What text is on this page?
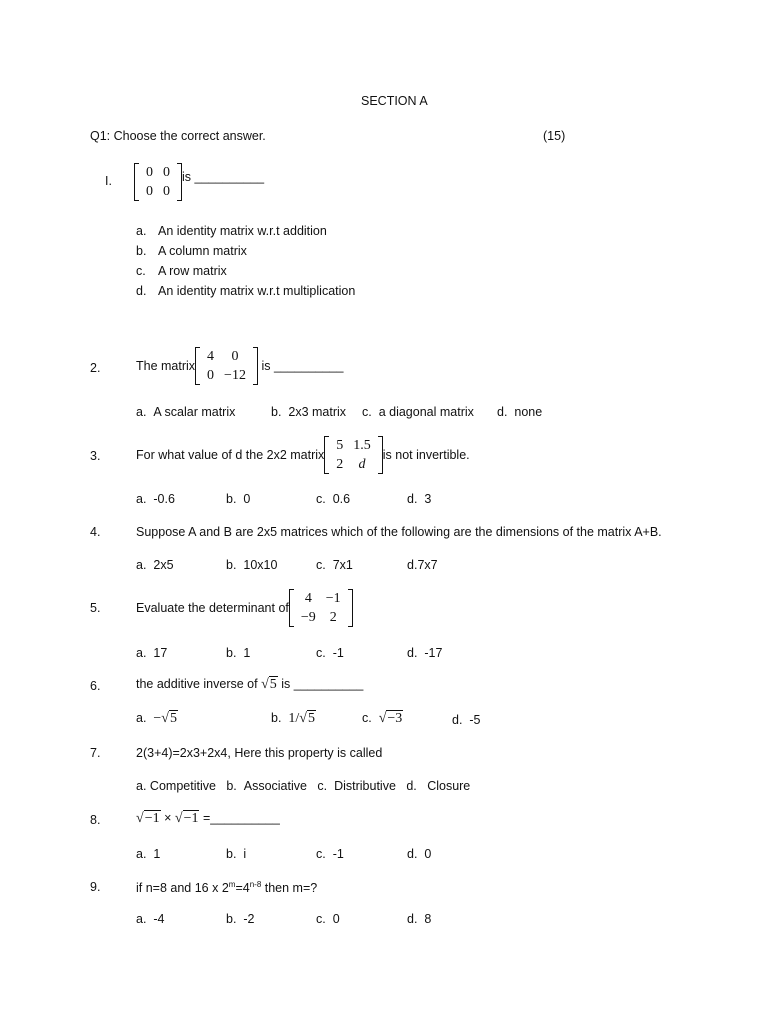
SECTION A
Q1: Choose the correct answer.	(15)
I.
0	0
0	0
is __________
a. An identity matrix w.r.t addition
b. A column matrix
c. A row matrix
d. An identity matrix w.r.t multiplication
2.	The matrix
4	0
0	−12
is __________
a. A scalar matrix	b. 2x3 matrix c. a diagonal matrix d. none
3.	For what value of d the 2x2 matrix
5	1.5
2	d
is not invertible.
a. -0.6	b. 0	c. 0.6	d. 3
4.	Suppose A and B are 2x5 matrices which of the following are the dimensions of the matrix A+B.
a. 2x5	b. 10x10	c. 7x1	d.7x7
5.	Evaluate the determinant of
4	−1
−9	2
a. 17	b. 1	c. -1	d. -17
6.	the additive inverse of √5 is __________
a. −√5	b. 1/√5	c. √−3	d. -5
7.	2(3+4)=2x3+2x4, Here this property is called
a. Competitive b. Associative c. Distributive d. Closure
8.	√−1 × √−1 =__________
a. 1	b. i	c. -1	d. 0
9.	if n=8 and 16 x $2^m=4^{n-8}$ then m=?
a. -4	b. -2	c. 0	d. 8
